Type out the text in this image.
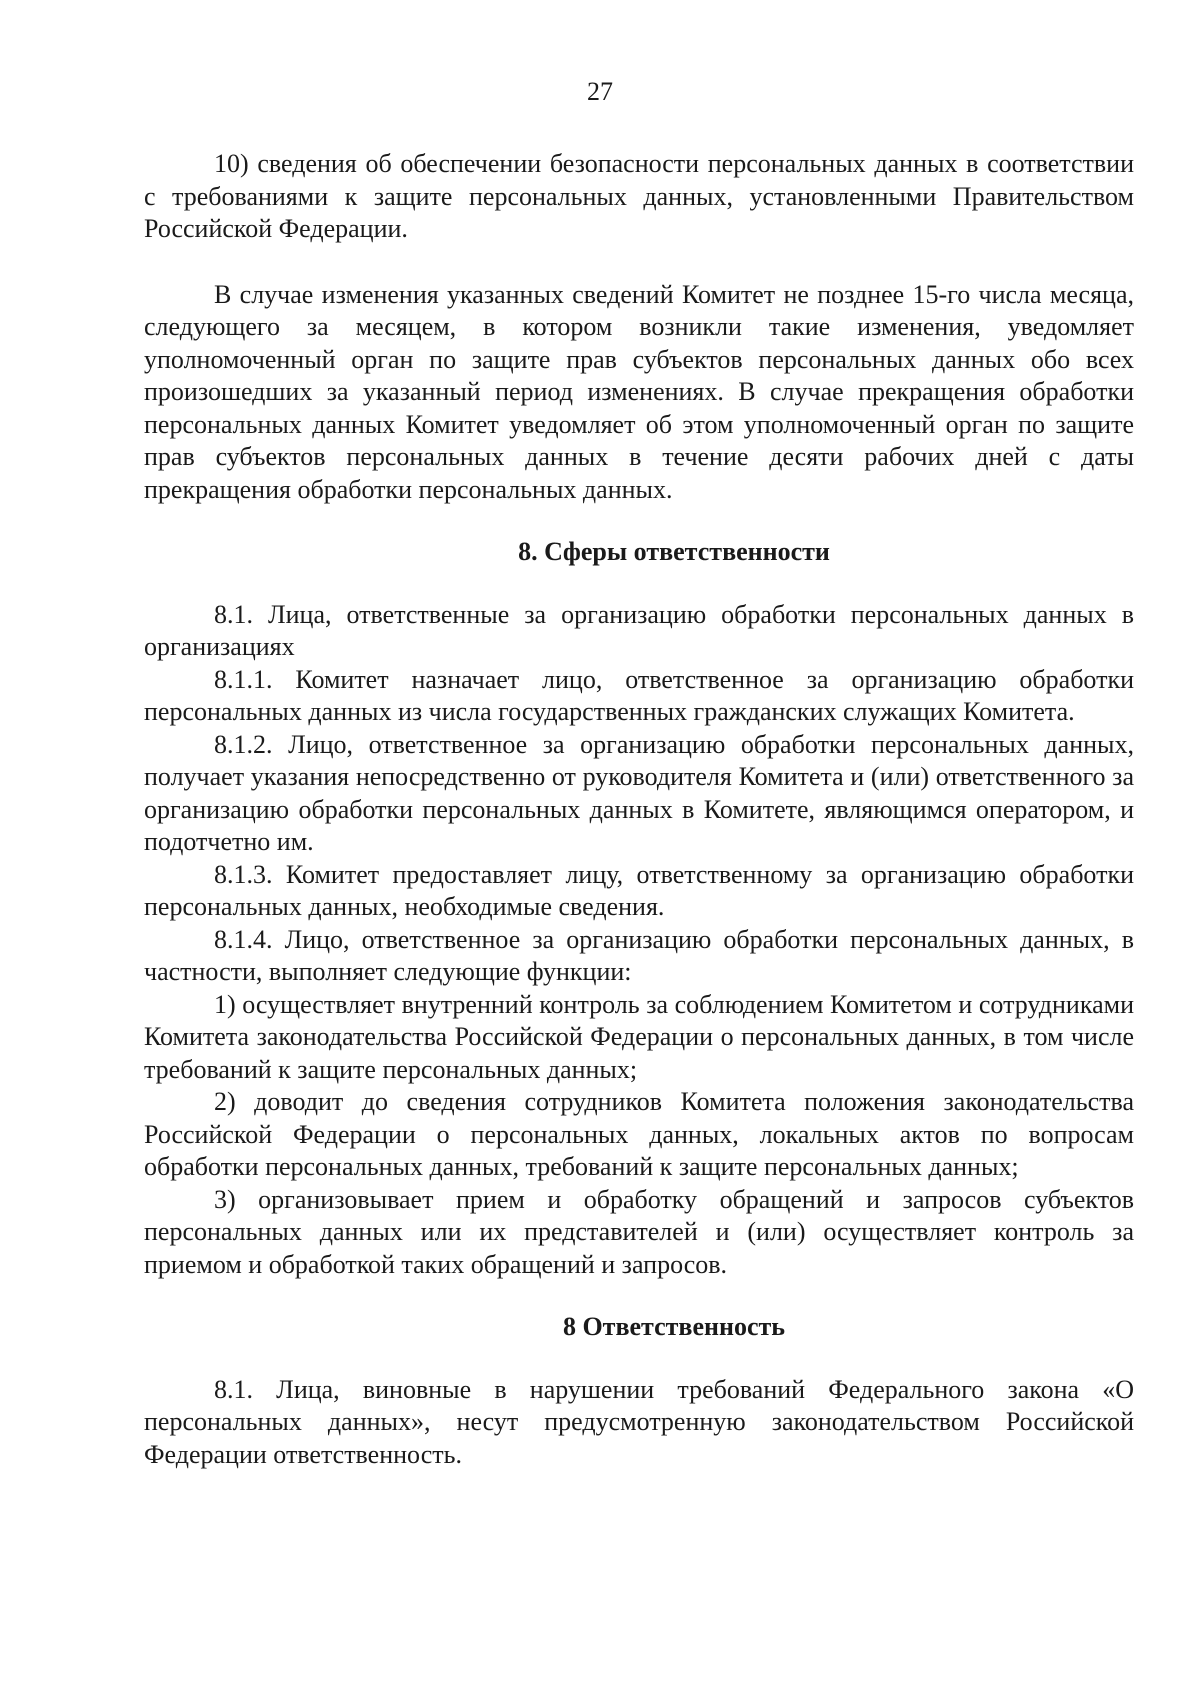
27

10) сведения об обеспечении безопасности персональных данных в соответствии с требованиями к защите персональных данных, установленными Правительством Российской Федерации.

В случае изменения указанных сведений Комитет не позднее 15-го числа месяца, следующего за месяцем, в котором возникли такие изменения, уведомляет уполномоченный орган по защите прав субъектов персональных данных обо всех произошедших за указанный период изменениях. В случае прекращения обработки персональных данных Комитет уведомляет об этом уполномоченный орган по защите прав субъектов персональных данных в течение десяти рабочих дней с даты прекращения обработки персональных данных.

8. Сферы ответственности

8.1. Лица, ответственные за организацию обработки персональных данных в организациях

8.1.1. Комитет назначает лицо, ответственное за организацию обработки персональных данных из числа государственных гражданских служащих Комитета.

8.1.2. Лицо, ответственное за организацию обработки персональных данных, получает указания непосредственно от руководителя Комитета и (или) ответственного за организацию обработки персональных данных в Комитете, являющимся оператором, и подотчетно им.

8.1.3. Комитет предоставляет лицу, ответственному за организацию обработки персональных данных, необходимые сведения.

8.1.4. Лицо, ответственное за организацию обработки персональных данных, в частности, выполняет следующие функции:

1) осуществляет внутренний контроль за соблюдением Комитетом и сотрудниками Комитета законодательства Российской Федерации о персональных данных, в том числе требований к защите персональных данных;

2) доводит до сведения сотрудников Комитета положения законодательства Российской Федерации о персональных данных, локальных актов по вопросам обработки персональных данных, требований к защите персональных данных;

3) организовывает прием и обработку обращений и запросов субъектов персональных данных или их представителей и (или) осуществляет контроль за приемом и обработкой таких обращений и запросов.

8 Ответственность

8.1. Лица, виновные в нарушении требований Федерального закона «О персональных данных», несут предусмотренную законодательством Российской Федерации ответственность.
